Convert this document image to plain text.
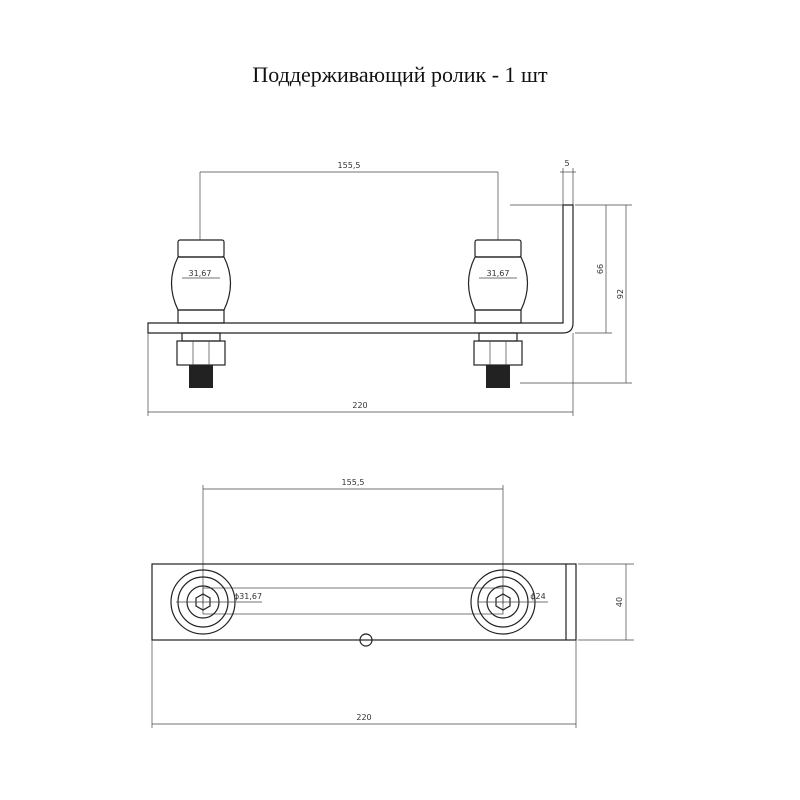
Поддерживающий ролик - 1 шт
155,5	5
31,67	31,67	66
92
220
155,5
ϕ31,67	ϕ24
40
220
